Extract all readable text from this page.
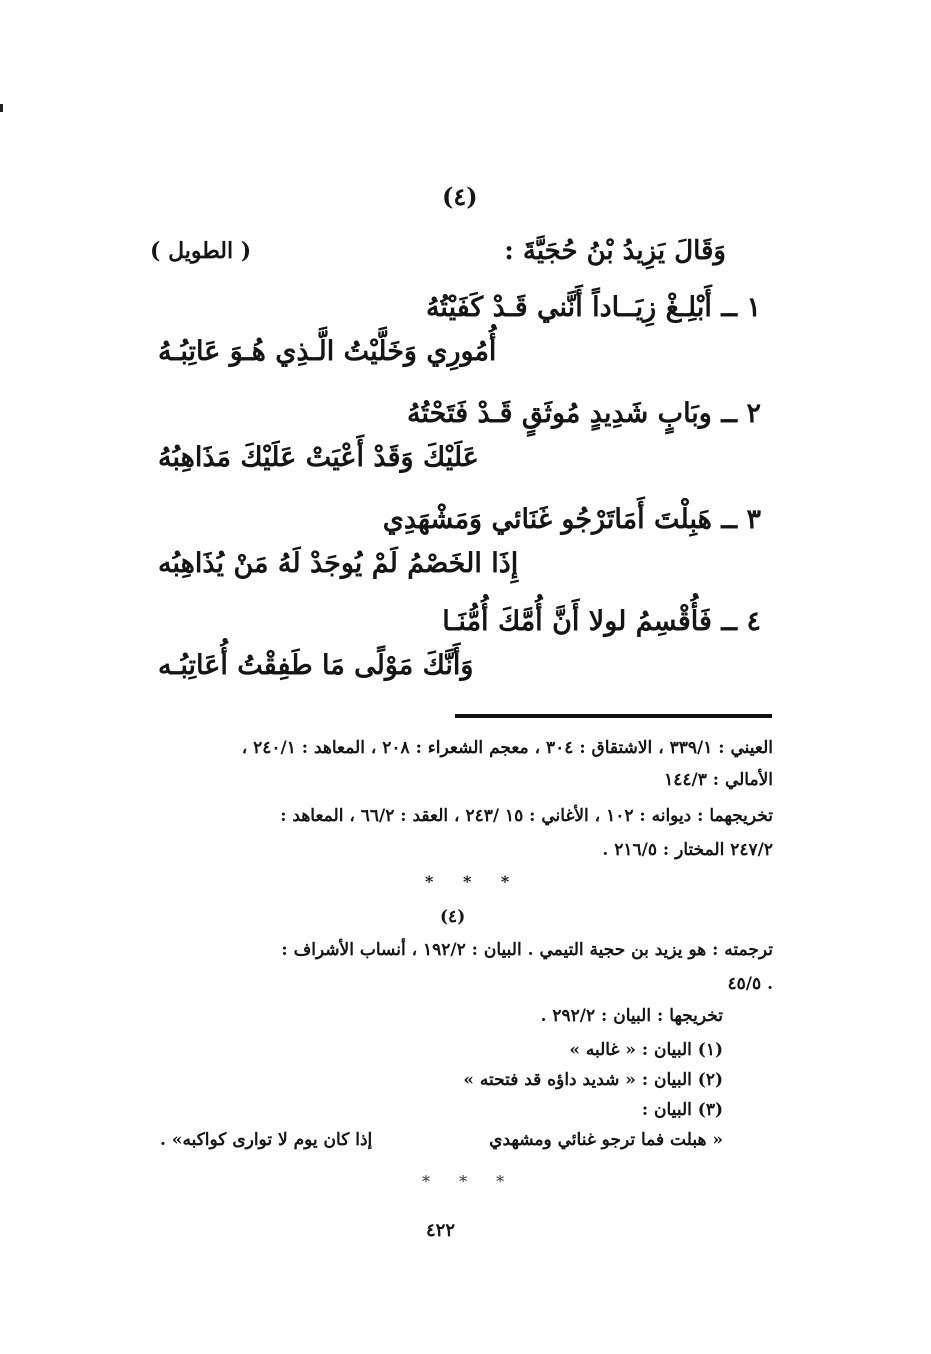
(٤)
وَقَالَ يَزِيدُ بْنُ حُجَيَّةَ :
( الطويل )
١ ــ أَبْلِـغْ زِيَــاداً أَنَّني قَـدْ كَفَيْتُهُ
أُمُورِي وَخَلَّيْتُ الَّـذِي هُـوَ عَاتِبُـهُ
٢ ــ وبَابٍ شَدِيدٍ مُوثَقٍ قَـدْ فَتَحْتُهُ
عَلَيْكَ وَقَدْ أَعْيَتْ عَلَيْكَ مَذَاهِبُهُ
٣ ــ هَبِلْتَ أَمَاتَرْجُو غَنَائي وَمَشْهَدِي
إِذَا الخَصْمُ لَمْ يُوجَدْ لَهُ مَنْ يُذَاهِبُه
٤ ــ فَأُقْسِمُ لولا أَنَّ أُمَّكَ أُمُّنَـا
وَأَنَّكَ مَوْلًى مَا طَفِقْتُ أُعَاتِبُـه
العيني : ٣٣٩/١ ، الاشتقاق : ٣٠٤ ، معجم الشعراء : ٢٠٨ ، المعاهد : ٢٤٠/١ ،
الأمالي : ١٤٤/٣
تخريجهما : ديوانه : ١٠٢ ، الأغاني : ١٥ /٢٤٣ ، العقد : ٦٦/٢ ، المعاهد :
٢٤٧/٢ المختار : ٢١٦/٥ .
* * *
(٤)
ترجمته : هو يزيد بن حجية التيمي . البيان : ١٩٢/٢ ، أنساب الأشراف :
٤٥/٥ .
تخريجها : البيان : ٢٩٢/٢ .
(١) البيان : « غالبه »
(٢) البيان : « شديد داؤه قد فتحته »
(٣) البيان :
« هبلت فما ترجو غنائي ومشهدي
إذا كان يوم لا توارى كواكبه» .
* * *
٤٢٢
